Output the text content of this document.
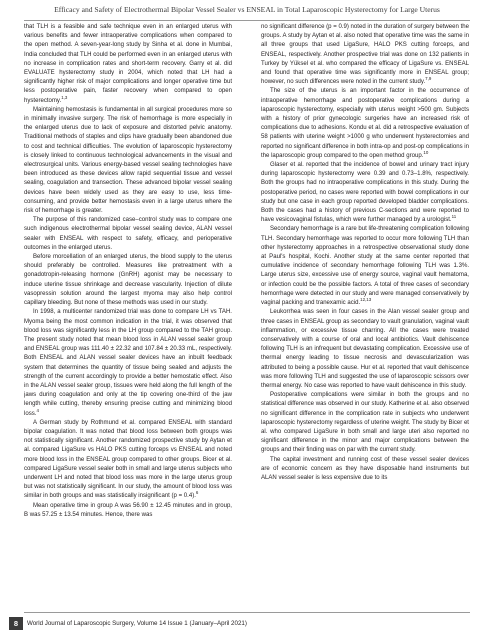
Efficacy and Safety of Electrothermal Bipolar Vessel Sealer vs ENSEAL in Total Laparoscopic Hysterectomy for Large Uterus

that TLH is a feasible and safe technique even in an enlarged uterus with various benefits and fewer intraoperative complications when compared to the open method. A seven-year-long study by Sinha et al. done in Mumbai, India concluded that TLH could be performed even in an enlarged uterus with no increase in complication rates and short-term recovery. Garry et al. did EVALUATE hysterectomy study in 2004, which noted that LH had a significantly higher risk of major complications and longer operative time but less postoperative pain, faster recovery when compared to open hysterectomy.$^{1,3}$

Maintaining hemostasis is fundamental in all surgical procedures more so in minimally invasive surgery. The risk of hemorrhage is more especially in the enlarged uterus due to lack of exposure and distorted pelvic anatomy. Traditional methods of staples and clips have gradually been abandoned due to cost and technical difficulties. The evolution of laparoscopic hysterectomy is closely linked to continuous technological advancements in the visual and electrosurgical units. Various energy-based vessel sealing technologies have been introduced as these devices allow rapid sequential tissue and vessel sealing, coagulation and transection. These advanced bipolar vessel sealing devices have been widely used as they are easy to use, less time-consuming, and provide better hemostasis even in a large uterus where the risk of hemorrhage is greater.

The purpose of this randomized case–control study was to compare one such indigenous electrothermal bipolar vessel sealing device, ALAN vessel sealer with ENSEAL with respect to safety, efficacy, and perioperative outcomes in the enlarged uterus.

Before morcellation of an enlarged uterus, the blood supply to the uterus should preferably be controlled. Measures like pretreatment with a gonadotropin-releasing hormone (GnRH) agonist may be necessary to induce uterine tissue shrinkage and decrease vascularity. Injection of dilute vasopressin solution around the largest myoma may also help control capillary bleeding. But none of these methods was used in our study.

In 1998, a multicenter randomized trial was done to compare LH vs TAH. Myoma being the most common indication in the trial, it was observed that blood loss was significantly less in the LH group compared to the TAH group. The present study noted that mean blood loss in ALAN vessel sealer group and ENSEAL group was 111.40 ± 22.32 and 107.84 ± 20.33 mL, respectively. Both ENSEAL and ALAN vessel sealer devices have an inbuilt feedback system that determines the quantity of tissue being sealed and adjusts the strength of the current accordingly to provide a better hemostatic effect. Also in the ALAN vessel sealer group, tissues were held along the full length of the jaws during coagulation and only at the tip covering one-third of the jaw length while cutting, thereby ensuring precise cutting and minimizing blood loss.$^4$

A German study by Rothmund et al. compared ENSEAL with standard bipolar coagulation. It was noted that blood loss between both groups was not statistically significant. Another randomized prospective study by Aytan et al. compared LigaSure vs HALO PKS cutting forceps vs ENSEAL and noted more blood loss in the ENSEAL group compared to other groups. Bicer et al. compared LigaSure vessel sealer both in small and large uterus subjects who underwent LH and noted that blood loss was more in the large uterus group but was not statistically significant. In our study, the amount of blood loss was similar in both groups and was statistically insignificant (p = 0.4).$^6$

Mean operative time in group A was 56.90 ± 12.45 minutes and in group, B was 57.25 ± 13.54 minutes. Hence, there was

no significant difference (p = 0.9) noted in the duration of surgery between the groups. A study by Aytan et al. also noted that operative time was the same in all three groups that used LigaSure, HALO PKS cutting forceps, and ENSEAL, respectively. Another prospective trial was done on 132 patients in Turkey by Yüksel et al. who compared the efficacy of LigaSure vs. ENSEAL and found that operative time was significantly more in ENSEAL group; however, no such differences were noted in the current study.$^{7,9}$

The size of the uterus is an important factor in the occurrence of intraoperative hemorrhage and postoperative complications during a laparoscopic hysterectomy, especially with uterus weight >500 gm. Subjects with a history of prior gynecologic surgeries have an increased risk of complications due to adhesions. Kondu et al. did a retrospective evaluation of 58 patients with uterine weight >1000 g who underwent hysterectomies and reported no significant difference in both intra-op and post-op complications in the laparoscopic group compared to the open method group.$^{10}$

Glaser et al. reported that the incidence of bowel and urinary tract injury during laparoscopic hysterectomy were 0.39 and 0.73–1.8%, respectively. Both the groups had no intraoperative complications in this study. During the postoperative period, no cases were reported with bowel complications in our study but one case in each group reported developed bladder complications. Both the cases had a history of previous C-sections and were reported to have vesicovaginal fistulas, which were further managed by a urologist.$^{11}$

Secondary hemorrhage is a rare but life-threatening complication following TLH. Secondary hemorrhage was reported to occur more following TLH than other hysterectomy approaches in a retrospective observational study done at Paul's hospital, Kochi. Another study at the same center reported that cumulative incidence of secondary hemorrhage following TLH was 1.3%. Large uterus size, excessive use of energy source, vaginal vault hematoma, or infection could be the possible factors. A total of three cases of secondary hemorrhage were detected in our study and were managed conservatively by vaginal packing and tranexamic acid.$^{12,13}$

Leukorrhea was seen in four cases in the Alan vessel sealer group and three cases in ENSEAL group as secondary to vault granulation, vaginal vault inflammation, or excessive tissue charring. All the cases were treated conservatively with a course of oral and local antibiotics. Vault dehiscence following TLH is an infrequent but devastating complication. Excessive use of thermal energy leading to tissue necrosis and devascularization was attributed to being a possible cause. Hur et al. reported that vault dehiscence was more following TLH and suggested the use of laparoscopic scissors over thermal energy. No case was reported to have vault dehiscence in this study.

Postoperative complications were similar in both the groups and no statistical difference was observed in our study. Katherine et al. also observed no significant difference in the complication rate in subjects who underwent laparoscopic hysterectomy regardless of uterine weight. The study by Bicer et al. who compared LigaSure in both small and large uteri also reported no significant difference in the minor and major complications between the groups and their finding was on par with the current study.

The capital investment and running cost of these vessel sealer devices are of economic concern as they have disposable hand instruments but ALAN vessel sealer is less expensive due to its

8	World Journal of Laparoscopic Surgery, Volume 14 Issue 1 (January–April 2021)
